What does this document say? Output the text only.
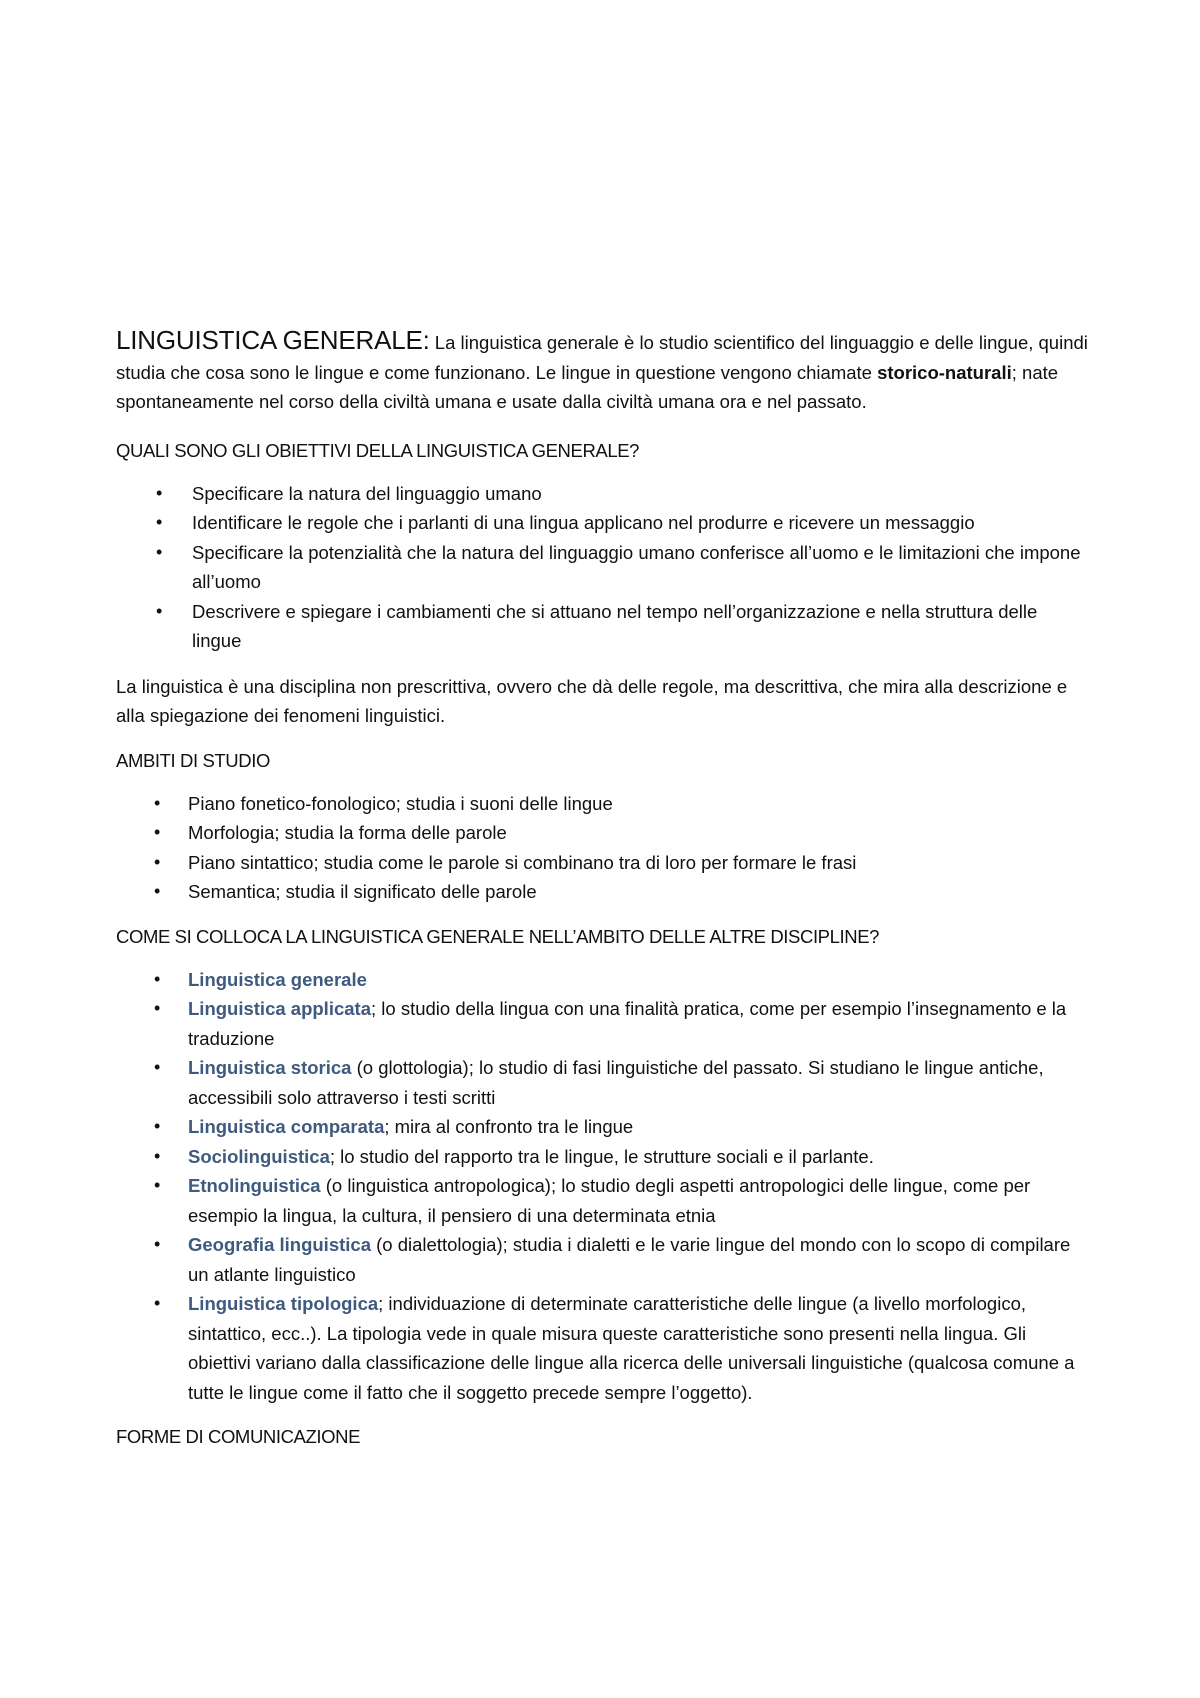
LINGUISTICA GENERALE: La linguistica generale è lo studio scientifico del linguaggio e delle lingue, quindi studia che cosa sono le lingue e come funzionano. Le lingue in questione vengono chiamate storico-naturali; nate spontaneamente nel corso della civiltà umana e usate dalla civiltà umana ora e nel passato.

QUALI SONO GLI OBIETTIVI DELLA LINGUISTICA GENERALE?
• Specificare la natura del linguaggio umano
• Identificare le regole che i parlanti di una lingua applicano nel produrre e ricevere un messaggio
• Specificare la potenzialità che la natura del linguaggio umano conferisce all’uomo e le limitazioni che impone all’uomo
• Descrivere e spiegare i cambiamenti che si attuano nel tempo nell’organizzazione e nella struttura delle lingue

La linguistica è una disciplina non prescrittiva, ovvero che dà delle regole, ma descrittiva, che mira alla descrizione e alla spiegazione dei fenomeni linguistici.

AMBITI DI STUDIO
• Piano fonetico-fonologico; studia i suoni delle lingue
• Morfologia; studia la forma delle parole
• Piano sintattico; studia come le parole si combinano tra di loro per formare le frasi
• Semantica; studia il significato delle parole
COME SI COLLOCA LA LINGUISTICA GENERALE NELL’AMBITO DELLE ALTRE DISCIPLINE?
• Linguistica generale
• Linguistica applicata; lo studio della lingua con una finalità pratica, come per esempio l’insegnamento e la traduzione
• Linguistica storica (o glottologia); lo studio di fasi linguistiche del passato. Si studiano le lingue antiche, accessibili solo attraverso i testi scritti
• Linguistica comparata; mira al confronto tra le lingue
• Sociolinguistica; lo studio del rapporto tra le lingue, le strutture sociali e il parlante.
• Etnolinguistica (o linguistica antropologica); lo studio degli aspetti antropologici delle lingue, come per esempio la lingua, la cultura, il pensiero di una determinata etnia
• Geografia linguistica (o dialettologia); studia i dialetti e le varie lingue del mondo con lo scopo di compilare un atlante linguistico
• Linguistica tipologica; individuazione di determinate caratteristiche delle lingue (a livello morfologico, sintattico, ecc..). La tipologia vede in quale misura queste caratteristiche sono presenti nella lingua. Gli obiettivi variano dalla classificazione delle lingue alla ricerca delle universali linguistiche (qualcosa comune a tutte le lingue come il fatto che il soggetto precede sempre l’oggetto).
FORME DI COMUNICAZIONE
